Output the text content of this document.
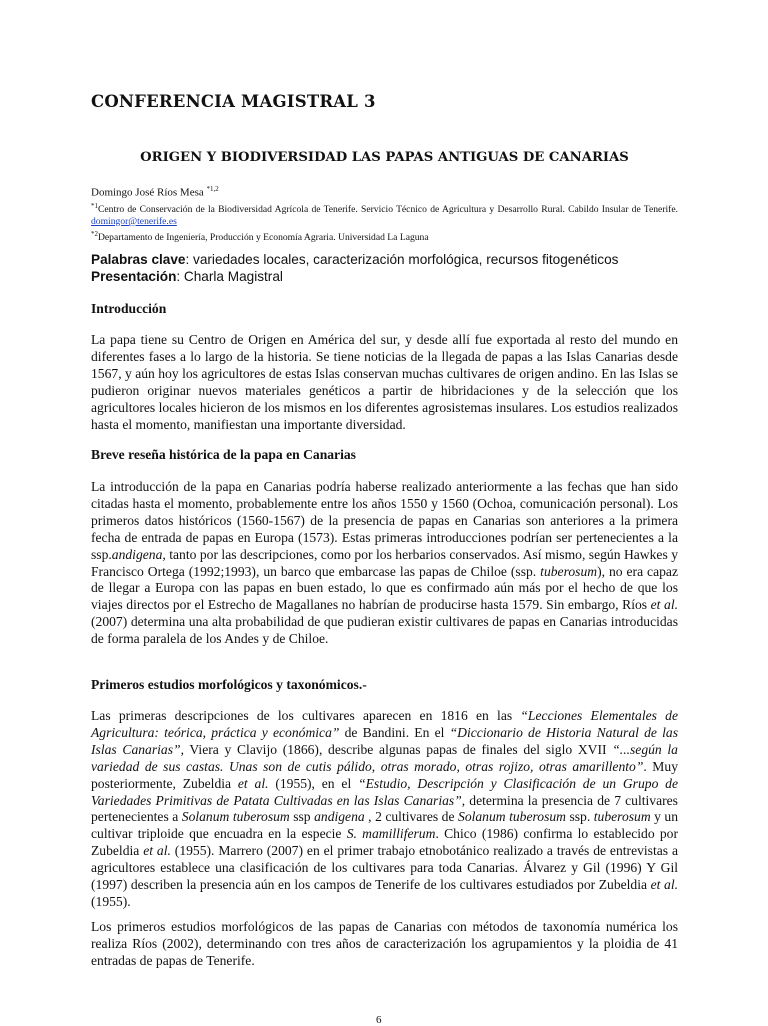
CONFERENCIA MAGISTRAL 3
ORIGEN Y BIODIVERSIDAD LAS PAPAS ANTIGUAS DE CANARIAS
Domingo José Ríos Mesa $^{*1,2}$
$^{*1}$Centro de Conservación de la Biodiversidad Agrícola de Tenerife. Servicio Técnico de Agricultura y Desarrollo Rural. Cabildo Insular de Tenerife. domingor@tenerife.es
$^{*2}$Departamento de Ingeniería, Producción y Economía Agraria. Universidad La Laguna
Palabras clave: variedades locales, caracterización morfológica, recursos fitogenéticos
Presentación: Charla Magistral
Introducción

La papa tiene su Centro de Origen en América del sur, y desde allí fue exportada al resto del mundo en diferentes fases a lo largo de la historia. Se tiene noticias de la llegada de papas a las Islas Canarias desde 1567, y aún hoy los agricultores de estas Islas conservan muchas cultivares de origen andino. En las Islas se pudieron originar nuevos materiales genéticos a partir de hibridaciones y de la selección que los agricultores locales hicieron de los mismos en los diferentes agrosistemas insulares. Los estudios realizados hasta el momento, manifiestan una importante diversidad.

Breve reseña histórica de la papa en Canarias

La introducción de la papa en Canarias podría haberse realizado anteriormente a las fechas que han sido citadas hasta el momento, probablemente entre los años 1550 y 1560 (Ochoa, comunicación personal). Los primeros datos históricos (1560-1567) de la presencia de papas en Canarias son anteriores a la primera fecha de entrada de papas en Europa (1573). Estas primeras introducciones podrían ser pertenecientes a la ssp.andigena, tanto por las descripciones, como por los herbarios conservados. Así mismo, según Hawkes y Francisco Ortega (1992;1993), un barco que embarcase las papas de Chiloe (ssp. tuberosum), no era capaz de llegar a Europa con las papas en buen estado, lo que es confirmado aún más por el hecho de que los viajes directos por el Estrecho de Magallanes no habrían de producirse hasta 1579. Sin embargo, Ríos et al. (2007) determina una alta probabilidad de que pudieran existir cultivares de papas en Canarias introducidas de forma paralela de los Andes y de Chiloe.

Primeros estudios morfológicos y taxonómicos.-

Las primeras descripciones de los cultivares aparecen en 1816 en las “Lecciones Elementales de Agricultura: teórica, práctica y económica” de Bandini. En el “Diccionario de Historia Natural de las Islas Canarias”, Viera y Clavijo (1866), describe algunas papas de finales del siglo XVII “...según la variedad de sus castas. Unas son de cutis pálido, otras morado, otras rojizo, otras amarillento”. Muy posteriormente, Zubeldia et al. (1955), en el “Estudio, Descripción y Clasificación de un Grupo de Variedades Primitivas de Patata Cultivadas en las Islas Canarias”, determina la presencia de 7 cultivares pertenecientes a Solanum tuberosum ssp andigena , 2 cultivares de Solanum tuberosum ssp. tuberosum y un cultivar triploide que encuadra en la especie S. mamilliferum. Chico (1986) confirma lo establecido por Zubeldia et al. (1955). Marrero (2007) en el primer trabajo etnobotánico realizado a través de entrevistas a agricultores establece una clasificación de los cultivares para toda Canarias. Álvarez y Gil (1996) Y Gil (1997) describen la presencia aún en los campos de Tenerife de los cultivares estudiados por Zubeldia et al. (1955).

Los primeros estudios morfológicos de las papas de Canarias con métodos de taxonomía numérica los realiza Ríos (2002), determinando con tres años de caracterización los agrupamientos y la ploidia de 41 entradas de papas de Tenerife.

6
